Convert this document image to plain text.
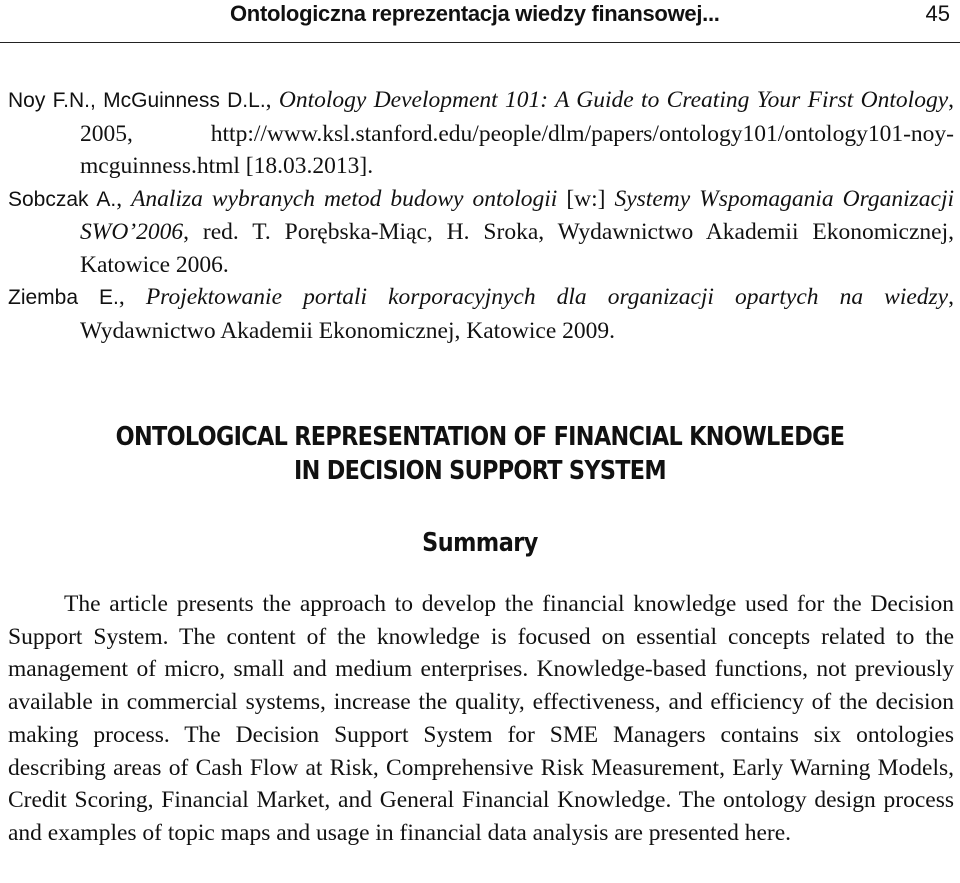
Ontologiczna reprezentacja wiedzy finansowej...	45

Noy F.N., McGuinness D.L., Ontology Development 101: A Guide to Creating Your First Ontology, 2005, http://www.ksl.stanford.edu/people/dlm/papers/ontology101/ontology101-noy-mcguinness.html [18.03.2013].

Sobczak A., Analiza wybranych metod budowy ontologii [w:] Systemy Wspomagania Organizacji SWO’2006, red. T. Porębska-Miąc, H. Sroka, Wydawnictwo Akademii Ekonomicznej, Katowice 2006.

Ziemba E., Projektowanie portali korporacyjnych dla organizacji opartych na wiedzy, Wydawnictwo Akademii Ekonomicznej, Katowice 2009.

ONTOLOGICAL REPRESENTATION OF FINANCIAL KNOWLEDGE
IN DECISION SUPPORT SYSTEM
Summary

The article presents the approach to develop the financial knowledge used for the Decision Support System. The content of the knowledge is focused on essential concepts related to the management of micro, small and medium enterprises. Knowledge-based functions, not previously available in commercial systems, increase the quality, effectiveness, and efficiency of the decision making process. The Decision Support System for SME Managers contains six ontologies describing areas of Cash Flow at Risk, Comprehensive Risk Measurement, Early Warning Models, Credit Scoring, Financial Market, and General Financial Knowledge. The ontology design process and examples of topic maps and usage in financial data analysis are presented here.
